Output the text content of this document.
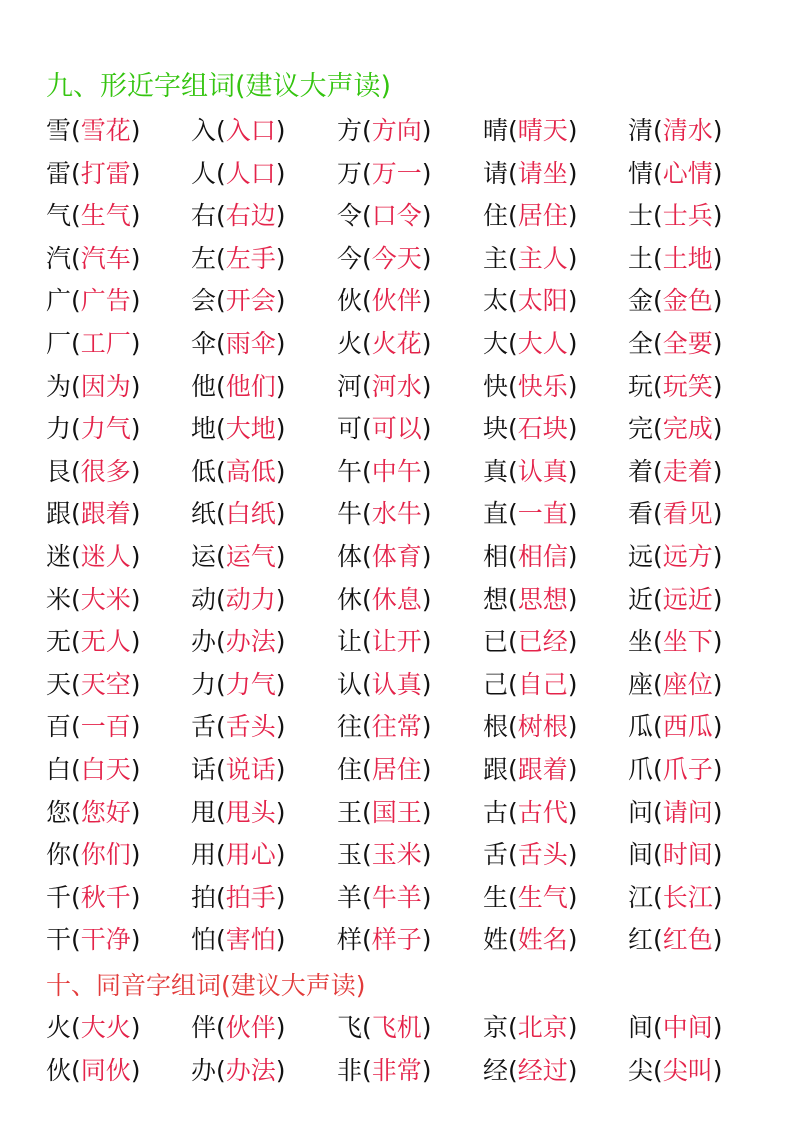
九、形近字组词(建议大声读)
雪(雪花) 入(入口) 方(方向) 晴(晴天) 清(清水)
雷(打雷) 人(人口) 万(万一) 请(请坐) 情(心情)
气(生气) 右(右边) 令(口令) 住(居住) 士(士兵)
汽(汽车) 左(左手) 今(今天) 主(主人) 土(土地)
广(广告) 会(开会) 伙(伙伴) 太(太阳) 金(金色)
厂(工厂) 伞(雨伞) 火(火花) 大(大人) 全(全要)
为(因为) 他(他们) 河(河水) 快(快乐) 玩(玩笑)
力(力气) 地(大地) 可(可以) 块(石块) 完(完成)
艮(很多) 低(高低) 午(中午) 真(认真) 着(走着)
跟(跟着) 纸(白纸) 牛(水牛) 直(一直) 看(看见)
迷(迷人) 运(运气) 体(体育) 相(相信) 远(远方)
米(大米) 动(动力) 休(休息) 想(思想) 近(远近)
无(无人) 办(办法) 让(让开) 已(已经) 坐(坐下)
天(天空) 力(力气) 认(认真) 己(自己) 座(座位)
百(一百) 舌(舌头) 往(往常) 根(树根) 瓜(西瓜)
白(白天) 话(说话) 住(居住) 跟(跟着) 爪(爪子)
您(您好) 甩(甩头) 王(国王) 古(古代) 问(请问)
你(你们) 用(用心) 玉(玉米) 舌(舌头) 间(时间)
千(秋千) 拍(拍手) 羊(牛羊) 生(生气) 江(长江)
干(干净) 怕(害怕) 样(样子) 姓(姓名) 红(红色)
十、同音字组词(建议大声读)
火(大火) 伴(伙伴) 飞(飞机) 京(北京) 间(中间)
伙(同伙) 办(办法) 非(非常) 经(经过) 尖(尖叫)
